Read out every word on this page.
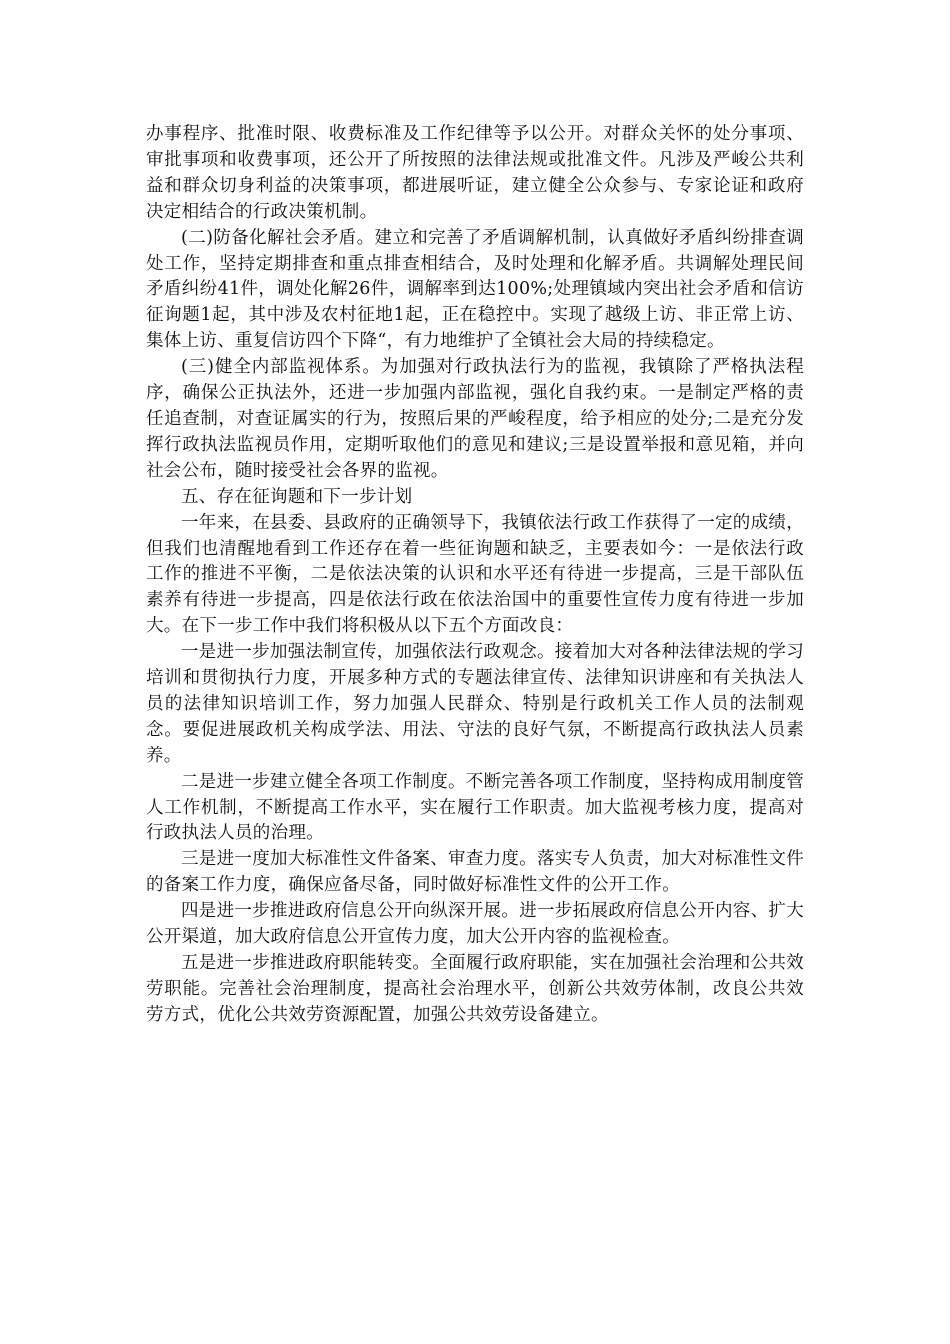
办事程序、批准时限、收费标准及工作纪律等予以公开。对群众关怀的处分事项、审批事项和收费事项，还公开了所按照的法律法规或批准文件。凡涉及严峻公共利益和群众切身利益的决策事项，都进展听证，建立健全公众参与、专家论证和政府决定相结合的行政决策机制。

(二)防备化解社会矛盾。建立和完善了矛盾调解机制，认真做好矛盾纠纷排查调处工作，坚持定期排查和重点排查相结合，及时处理和化解矛盾。共调解处理民间矛盾纠纷41件，调处化解26件，调解率到达100%;处理镇域内突出社会矛盾和信访征询题1起，其中涉及农村征地1起，正在稳控中。实现了越级上访、非正常上访、集体上访、重复信访四个下降“，有力地维护了全镇社会大局的持续稳定。

(三)健全内部监视体系。为加强对行政执法行为的监视，我镇除了严格执法程序，确保公正执法外，还进一步加强内部监视，强化自我约束。一是制定严格的责任追查制，对查证属实的行为，按照后果的严峻程度，给予相应的处分;二是充分发挥行政执法监视员作用，定期听取他们的意见和建议;三是设置举报和意见箱，并向社会公布，随时接受社会各界的监视。

五、存在征询题和下一步计划

一年来，在县委、县政府的正确领导下，我镇依法行政工作获得了一定的成绩，但我们也清醒地看到工作还存在着一些征询题和缺乏，主要表如今：一是依法行政工作的推进不平衡，二是依法决策的认识和水平还有待进一步提高，三是干部队伍素养有待进一步提高，四是依法行政在依法治国中的重要性宣传力度有待进一步加大。在下一步工作中我们将积极从以下五个方面改良：

一是进一步加强法制宣传，加强依法行政观念。接着加大对各种法律法规的学习培训和贯彻执行力度，开展多种方式的专题法律宣传、法律知识讲座和有关执法人员的法律知识培训工作，努力加强人民群众、特别是行政机关工作人员的法制观念。要促进展政机关构成学法、用法、守法的良好气氛，不断提高行政执法人员素养。

二是进一步建立健全各项工作制度。不断完善各项工作制度，坚持构成用制度管人工作机制，不断提高工作水平，实在履行工作职责。加大监视考核力度，提高对行政执法人员的治理。

三是进一度加大标准性文件备案、审查力度。落实专人负责，加大对标准性文件的备案工作力度，确保应备尽备，同时做好标准性文件的公开工作。

四是进一步推进政府信息公开向纵深开展。进一步拓展政府信息公开内容、扩大公开渠道，加大政府信息公开宣传力度，加大公开内容的监视检查。

五是进一步推进政府职能转变。全面履行政府职能，实在加强社会治理和公共效劳职能。完善社会治理制度，提高社会治理水平，创新公共效劳体制，改良公共效劳方式，优化公共效劳资源配置，加强公共效劳设备建立。
